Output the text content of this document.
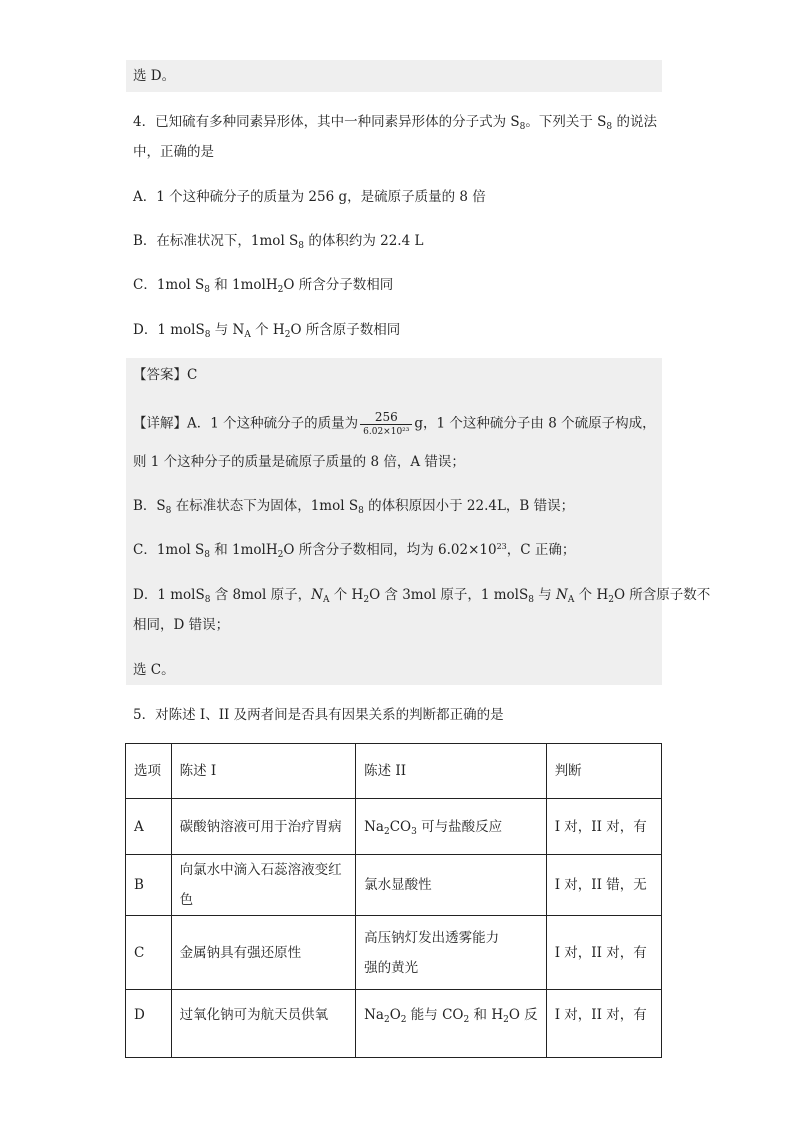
选 D。
4．已知硫有多种同素异形体，其中一种同素异形体的分子式为 $S_8$。下列关于 $S_8$ 的说法
中，正确的是
A．1 个这种硫分子的质量为 256 g，是硫原子质量的 8 倍
B．在标准状况下，1mol $S_8$ 的体积约为 22.4 L
C．1mol $S_8$ 和 1molH$_2$O 所含分子数相同
D．1 molS$_8$ 与 $N_A$ 个 $H_2O$ 所含原子数相同
【答案】C
【详解】A．1 个这种硫分子的质量为 $\frac{256}{\text{6.02×10²³}}$ g，1 个这种硫分子由 8 个硫原子构成，
则 1 个这种分子的质量是硫原子质量的 8 倍，A 错误；
B．$S_8$ 在标准状态下为固体，1mol $S_8$ 的体积原因小于 22.4L，B 错误；
C．1mol $S_8$ 和 1molH$_2$O 所含分子数相同，均为 $6.02\times 10^{23}$，C 正确；
D．1 molS$_8$ 含 8mol 原子，$N_A$ 个 $H_2O$ 含 3mol 原子，1 molS$_8$ 与 $N_A$ 个 $H_2O$ 所含原子数不
相同，D 错误；
选 C。
5．对陈述 I、II 及两者间是否具有因果关系的判断都正确的是
选项	陈述 I	陈述 II	判断
A	碳酸钠溶液可用于治疗胃病	$Na_2CO_3$ 可与盐酸反应	I 对，II 对，有
B	向氯水中滴入石蕊溶液变红色	氯水显酸性	I 对，II 错，无
C	金属钠具有强还原性	高压钠灯发出透雾能力
强的黄光	I 对，II 对，有
D	过氧化钠可为航天员供氧	$Na_2O_2$ 能与 $CO_2$ 和 $H_2O$ 反	I 对，II 对，有
